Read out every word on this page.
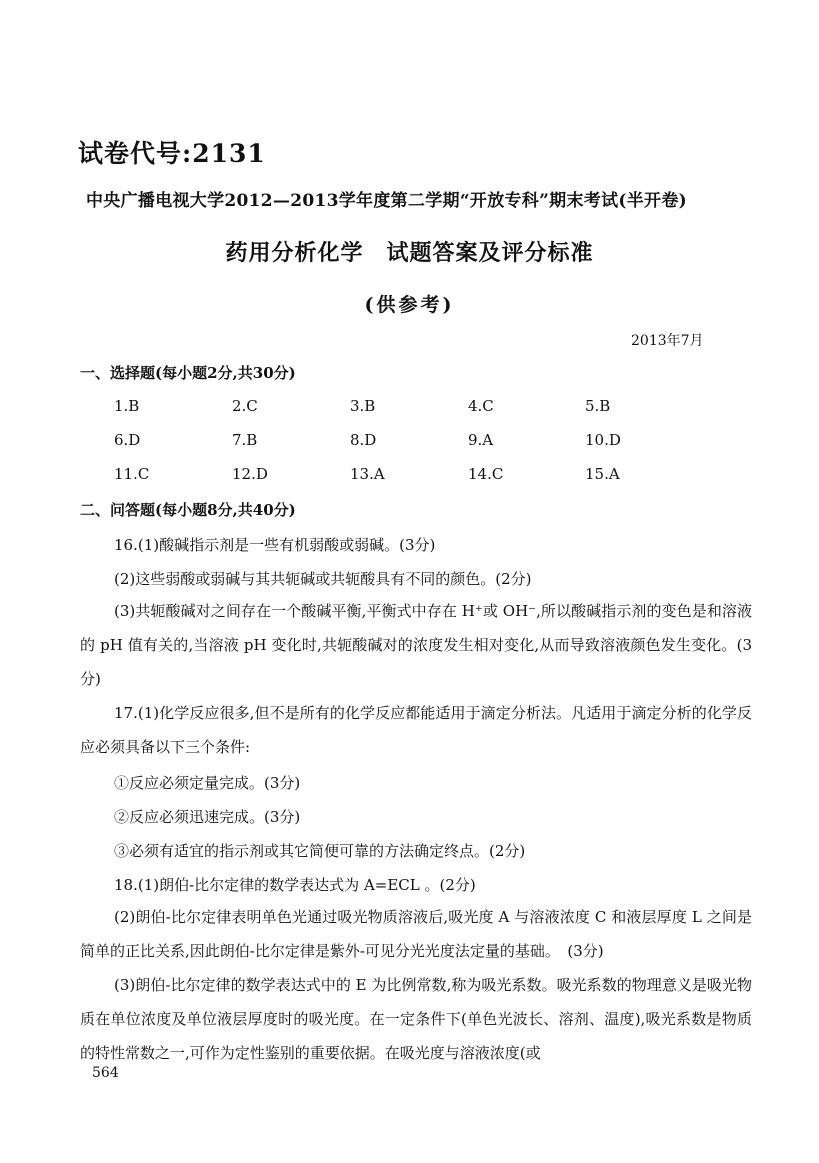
试卷代号:2131
中央广播电视大学2012—2013学年度第二学期“开放专科”期末考试(半开卷)
药用分析化学　试题答案及评分标准
(供参考)
2013年7月
一、选择题(每小题2分,共30分)
1.B	2.C	3.B	4.C	5.B
6.D	7.B	8.D	9.A	10.D
11.C	12.D	13.A	14.C	15.A
二、问答题(每小题8分,共40分)
16.(1)酸碱指示剂是一些有机弱酸或弱碱。(3分)
(2)这些弱酸或弱碱与其共轭碱或共轭酸具有不同的颜色。(2分)
(3)共轭酸碱对之间存在一个酸碱平衡,平衡式中存在 H⁺或 OH⁻,所以酸碱指示剂的变色是和溶液的 pH 值有关的,当溶液 pH 变化时,共轭酸碱对的浓度发生相对变化,从而导致溶液颜色发生变化。(3分)
17.(1)化学反应很多,但不是所有的化学反应都能适用于滴定分析法。凡适用于滴定分析的化学反应必须具备以下三个条件:
①反应必须定量完成。(3分)
②反应必须迅速完成。(3分)
③必须有适宜的指示剂或其它简便可靠的方法确定终点。(2分)
18.(1)朗伯-比尔定律的数学表达式为 A=ECL 。(2分)
(2)朗伯-比尔定律表明单色光通过吸光物质溶液后,吸光度 A 与溶液浓度 C 和液层厚度 L 之间是简单的正比关系,因此朗伯-比尔定律是紫外-可见分光光度法定量的基础。　(3分)
(3)朗伯-比尔定律的数学表达式中的 E 为比例常数,称为吸光系数。吸光系数的物理意义是吸光物质在单位浓度及单位液层厚度时的吸光度。在一定条件下(单色光波长、溶剂、温度),吸光系数是物质的特性常数之一,可作为定性鉴别的重要依据。在吸光度与溶液浓度(或
564
